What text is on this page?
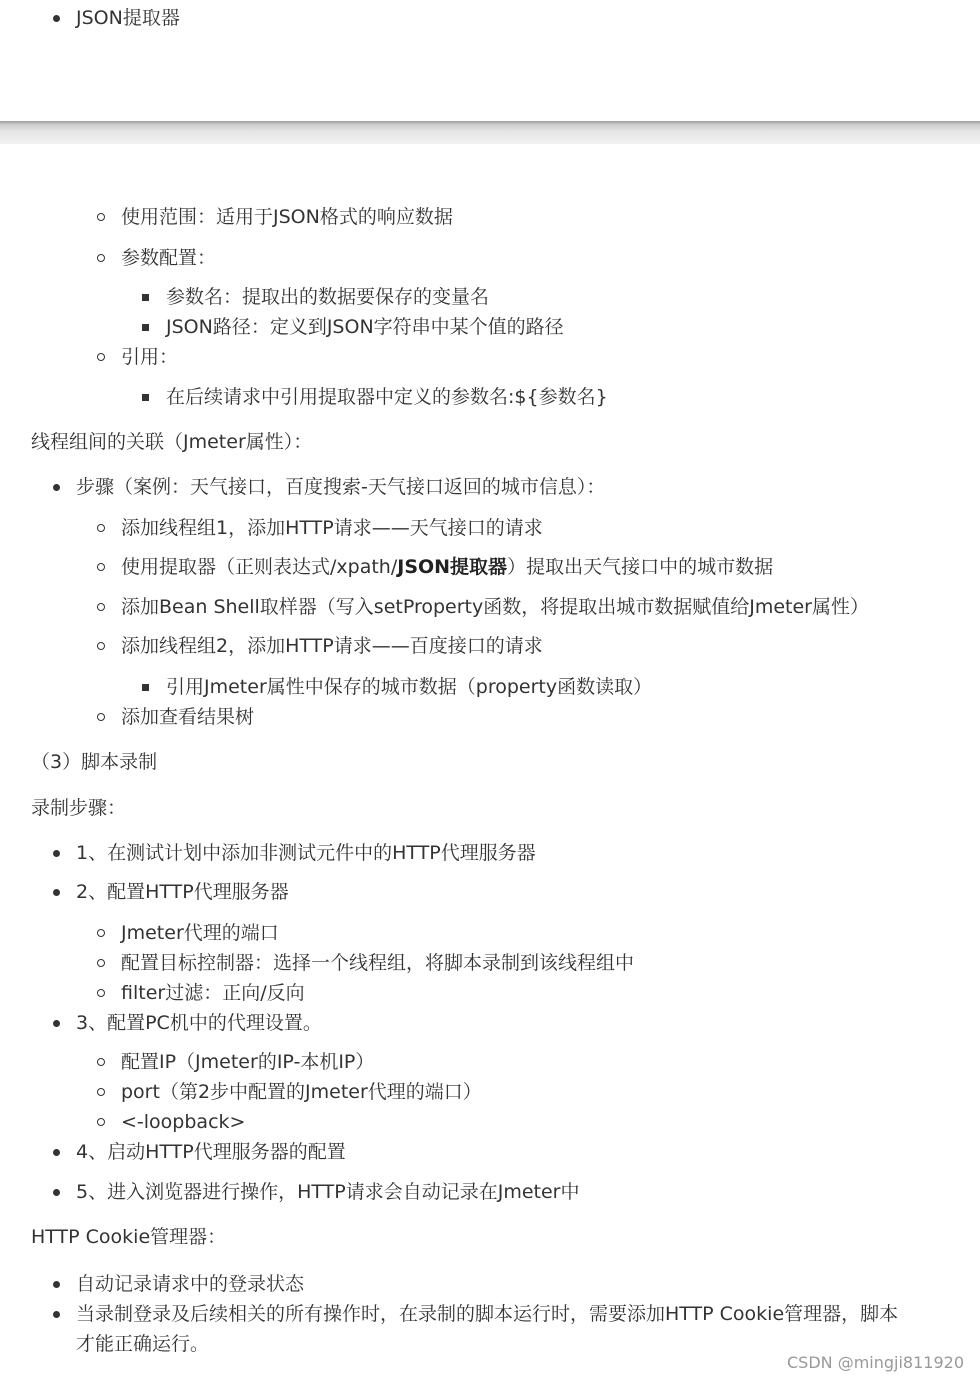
JSON提取器
使用范围：适用于JSON格式的响应数据
参数配置：
参数名：提取出的数据要保存的变量名
JSON路径：定义到JSON字符串中某个值的路径
引用：
在后续请求中引用提取器中定义的参数名:${参数名}
线程组间的关联（Jmeter属性）：
步骤（案例：天气接口，百度搜索-天气接口返回的城市信息）：
添加线程组1，添加HTTP请求——天气接口的请求
使用提取器（正则表达式/xpath/JSON提取器）提取出天气接口中的城市数据
添加Bean Shell取样器（写入setProperty函数，将提取出城市数据赋值给Jmeter属性）
添加线程组2，添加HTTP请求——百度接口的请求
引用Jmeter属性中保存的城市数据（property函数读取）
添加查看结果树
（3）脚本录制
录制步骤：
1、在测试计划中添加非测试元件中的HTTP代理服务器
2、配置HTTP代理服务器
Jmeter代理的端口
配置目标控制器：选择一个线程组，将脚本录制到该线程组中
filter过滤：正向/反向
3、配置PC机中的代理设置。
配置IP（Jmeter的IP-本机IP）
port（第2步中配置的Jmeter代理的端口）
<-loopback>
4、启动HTTP代理服务器的配置
5、进入浏览器进行操作，HTTP请求会自动记录在Jmeter中
HTTP Cookie管理器：
自动记录请求中的登录状态
当录制登录及后续相关的所有操作时，在录制的脚本运行时，需要添加HTTP Cookie管理器，脚本
才能正确运行。
CSDN @mingji811920
